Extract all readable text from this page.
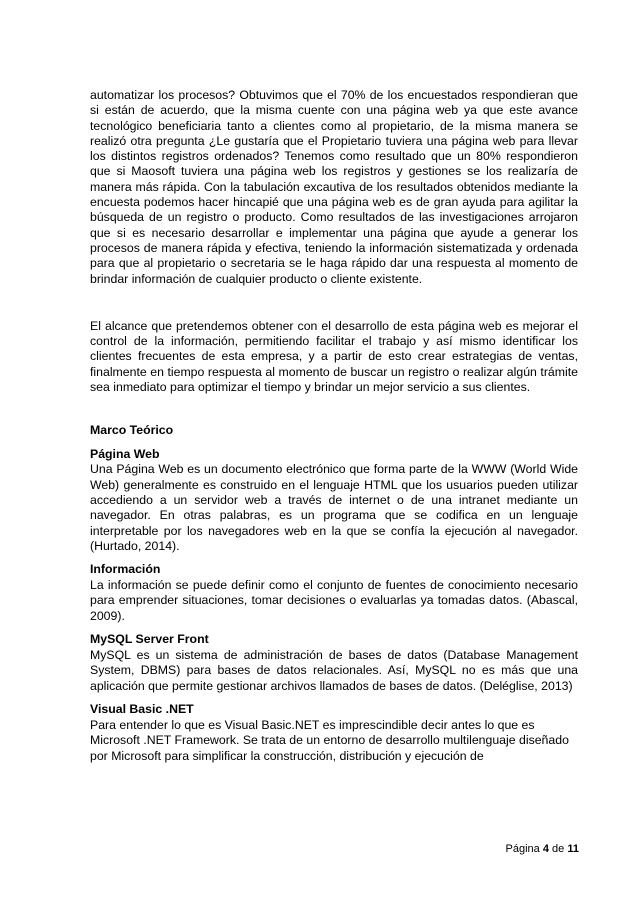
automatizar los procesos? Obtuvimos que el 70% de los encuestados respondieran que si están de acuerdo, que la misma cuente con una página web ya que este avance tecnológico beneficiaria tanto a clientes como al propietario, de la misma manera se realizó otra pregunta ¿Le gustaría que el Propietario tuviera una página web para llevar los distintos registros ordenados? Tenemos como resultado que un 80% respondieron que si Maosoft tuviera una página web los registros y gestiones se los realizaría de manera más rápida. Con la tabulación excautiva de los resultados obtenidos mediante la encuesta podemos hacer hincapié que una página web es de gran ayuda para agilitar la búsqueda de un registro o producto. Como resultados de las investigaciones arrojaron que si es necesario desarrollar e implementar una página que ayude a generar los procesos de manera rápida y efectiva, teniendo la información sistematizada y ordenada para que al propietario o secretaria se le haga rápido dar una respuesta al momento de brindar información de cualquier producto o cliente existente.

El alcance que pretendemos obtener con el desarrollo de esta página web es mejorar el control de la información, permitiendo facilitar el trabajo y así mismo identificar los clientes frecuentes de esta empresa, y a partir de esto crear estrategias de ventas, finalmente en tiempo respuesta al momento de buscar un registro o realizar algún trámite sea inmediato para optimizar el tiempo y brindar un mejor servicio a sus clientes.

Marco Teórico
Página Web

Una Página Web es un documento electrónico que forma parte de la WWW (World Wide Web) generalmente es construido en el lenguaje HTML que los usuarios pueden utilizar accediendo a un servidor web a través de internet o de una intranet mediante un navegador. En otras palabras, es un programa que se codifica en un lenguaje interpretable por los navegadores web en la que se confía la ejecución al navegador. (Hurtado, 2014).

Información

La información se puede definir como el conjunto de fuentes de conocimiento necesario para emprender situaciones, tomar decisiones o evaluarlas ya tomadas datos. (Abascal, 2009).

MySQL Server Front

MySQL es un sistema de administración de bases de datos (Database Management System, DBMS) para bases de datos relacionales. Así, MySQL no es más que una aplicación que permite gestionar archivos llamados de bases de datos. (Deléglise, 2013)

Visual Basic .NET

Para entender lo que es Visual Basic.NET es imprescindible decir antes lo que es Microsoft .NET Framework. Se trata de un entorno de desarrollo multilenguaje diseñado por Microsoft para simplificar la construcción, distribución y ejecución de

Página 4 de 11
